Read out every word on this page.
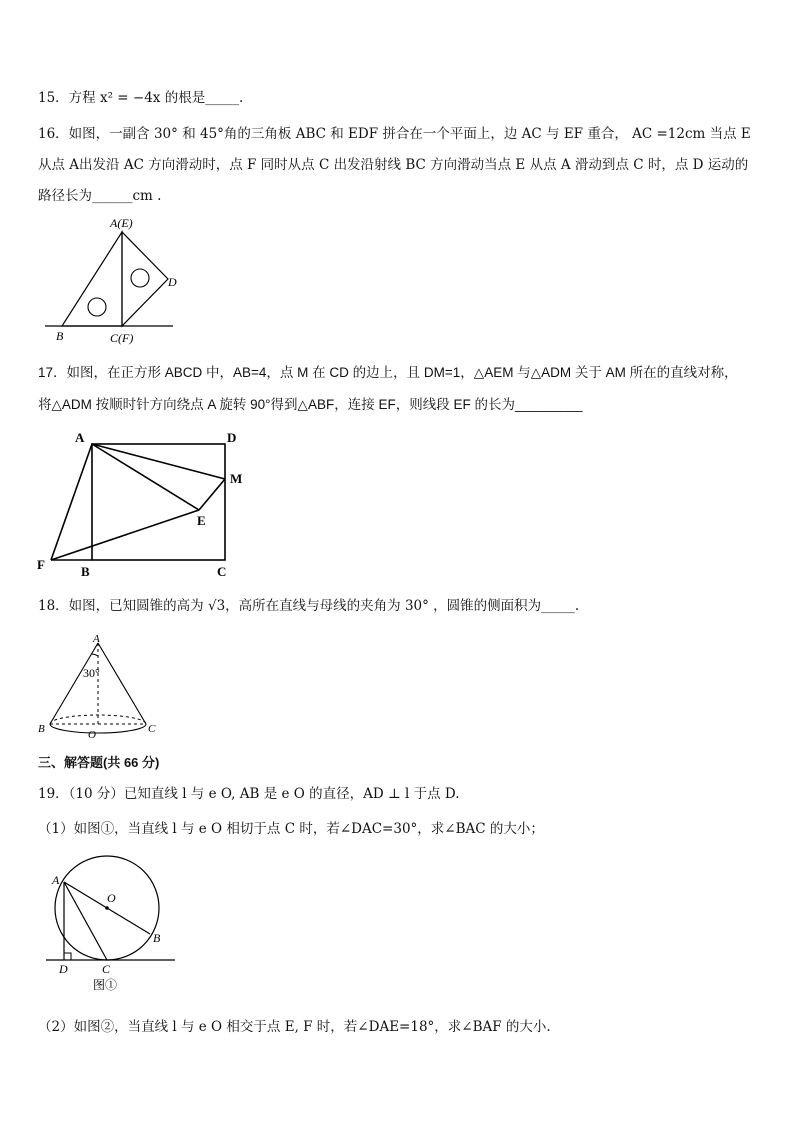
15．方程 x² = −4x 的根是_____.
16．如图，一副含 30° 和 45°角的三角板 ABC 和 EDF 拼合在一个平面上，边 AC 与 EF 重合， AC =12cm 当点 E
从点 A出发沿 AC 方向滑动时，点 F 同时从点 C 出发沿射线 BC 方向滑动当点 E 从点 A 滑动到点 C 时，点 D 运动的
路径长为______cm .
A(E)
D
B	C(F)
17．如图，在正方形 ABCD 中，AB=4，点 M 在 CD 的边上，且 DM=1，△AEM 与△ADM 关于 AM 所在的直线对称，
将△ADM 按顺时针方向绕点 A 旋转 90°得到△ABF，连接 EF，则线段 EF 的长为_________
A	D
M
E
F	B	C
18．如图，已知圆锥的高为 √3，高所在直线与母线的夹角为 30° ，圆锥的侧面积为_____.
A
30°
B	O	C
三、解答题(共 66 分)
19．（10 分）已知直线 l 与 e O, AB 是 e O 的直径，AD ⊥ l 于点 D.
（1）如图①，当直线 l 与 e O 相切于点 C 时，若∠DAC=30°，求∠BAC 的大小；
A
O
B
D	C
图①
（2）如图②，当直线 l 与 e O 相交于点 E, F 时，若∠DAE=18°，求∠BAF 的大小.
